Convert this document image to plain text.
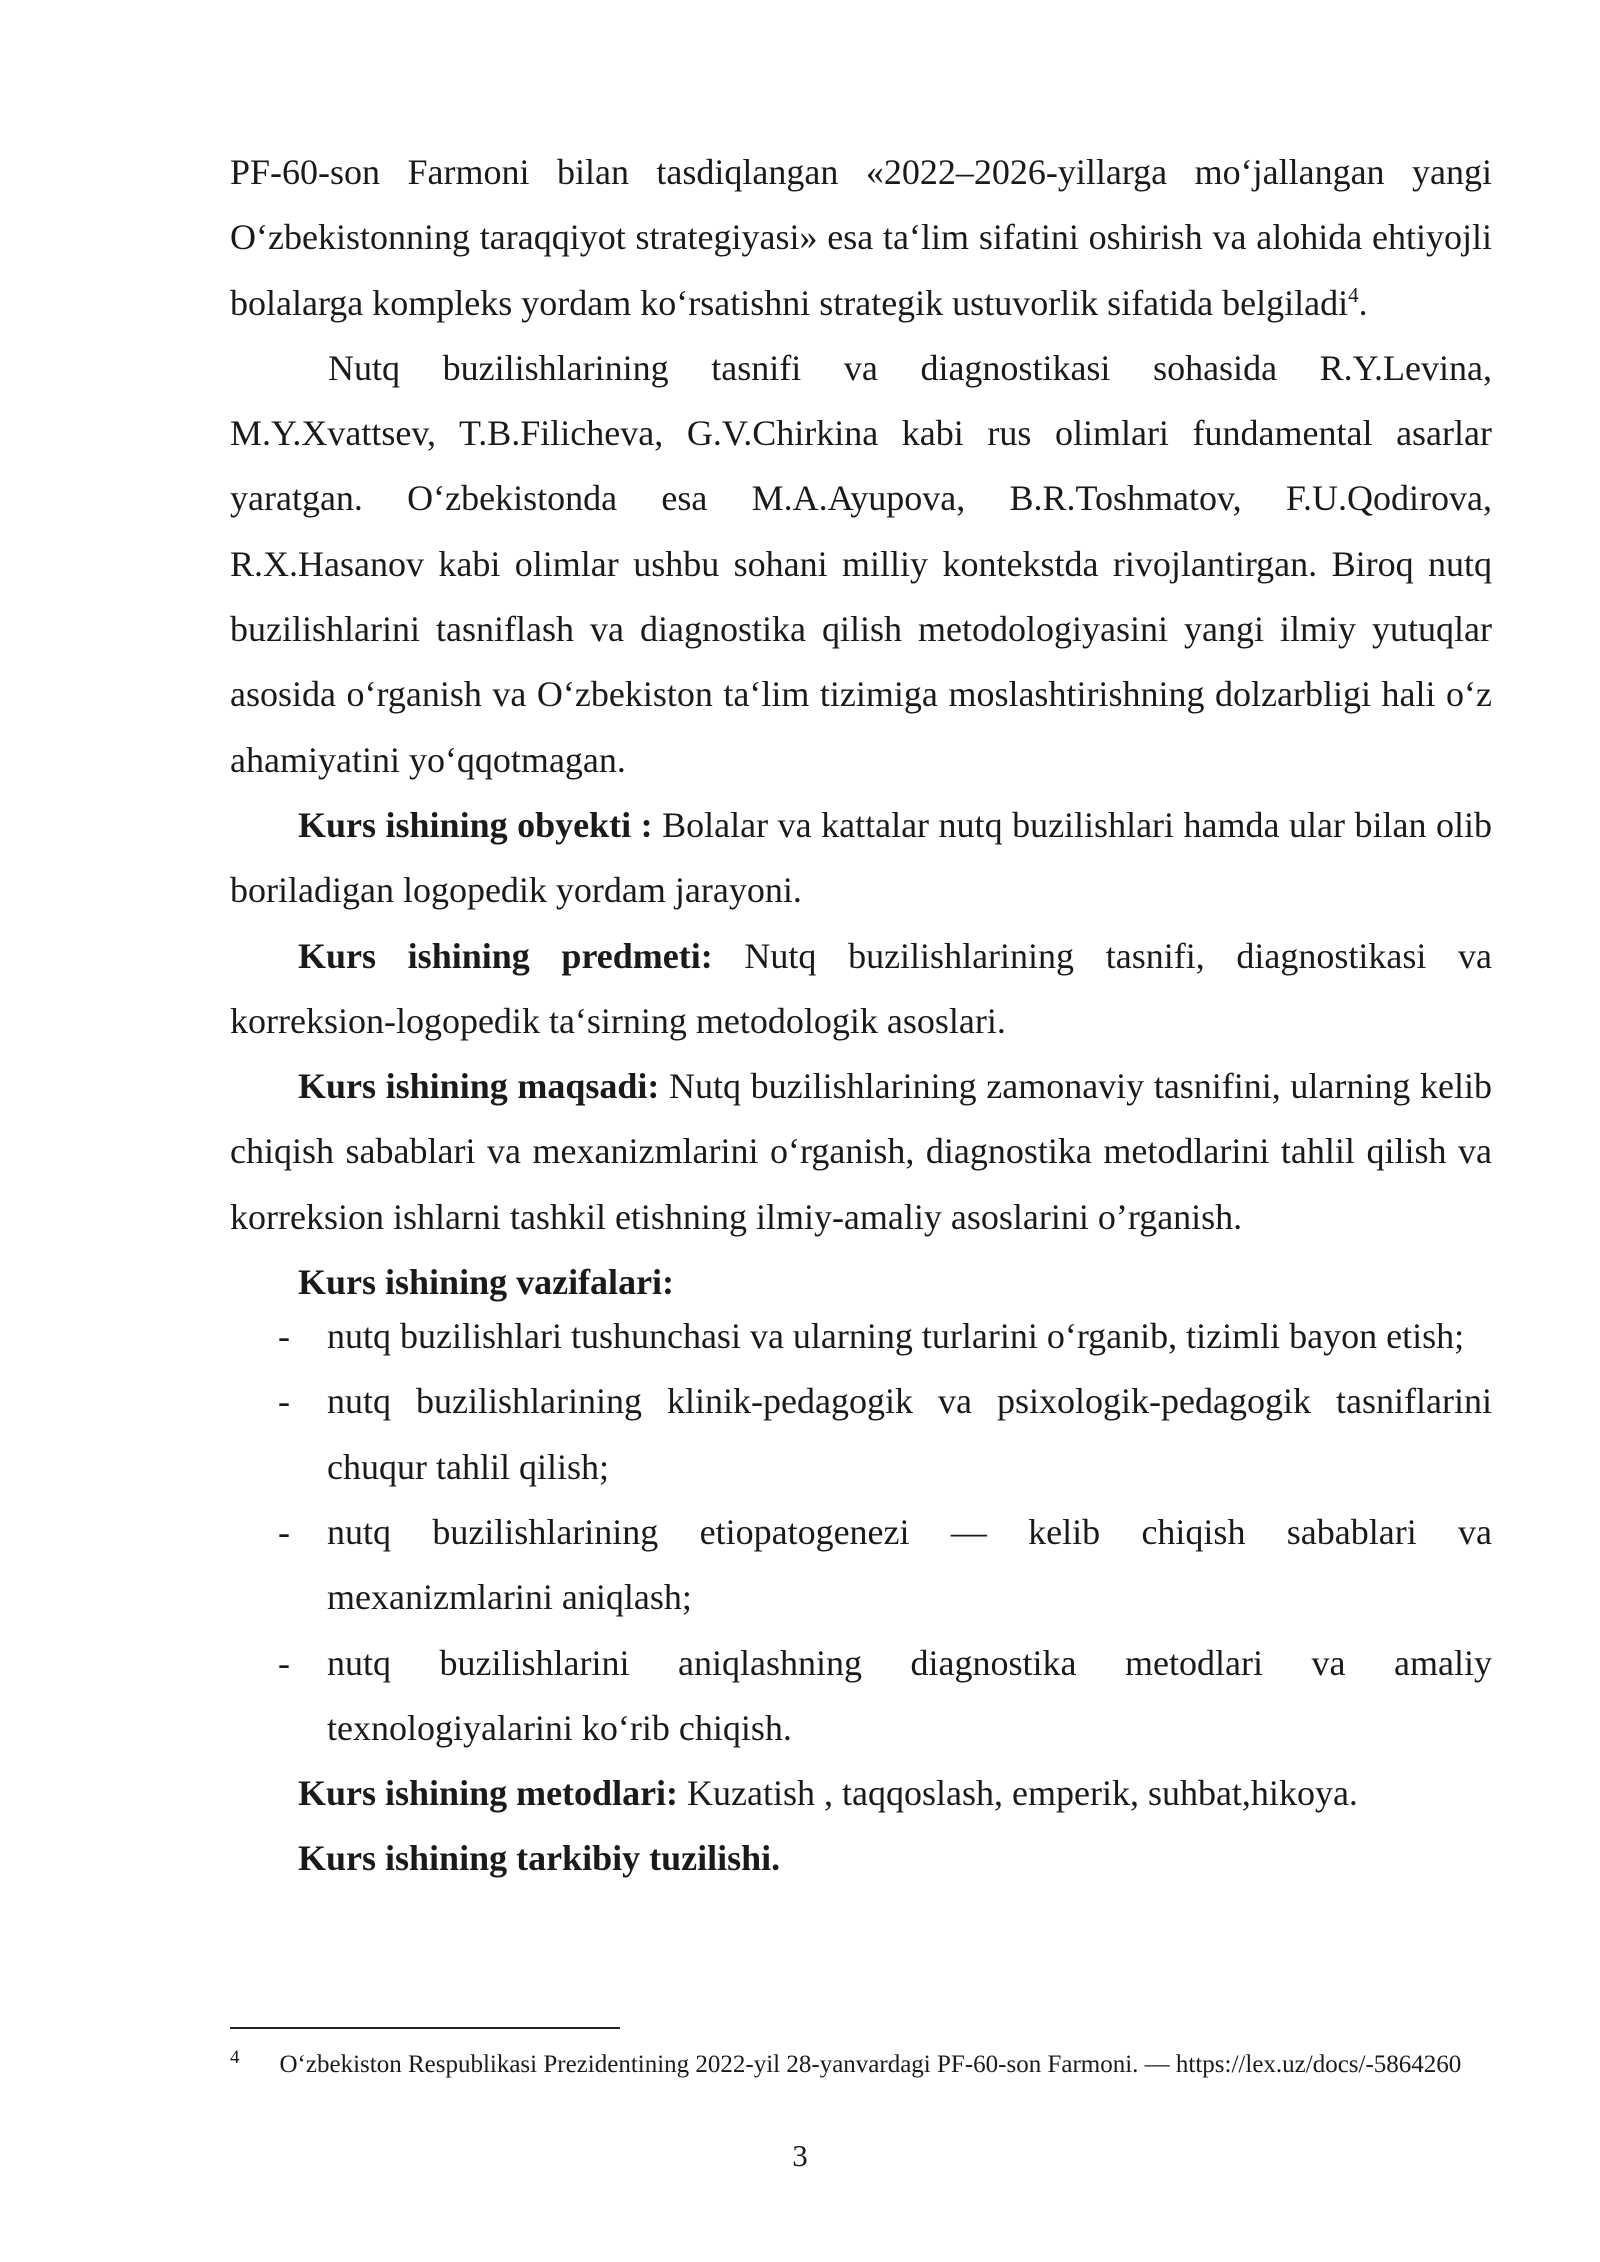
PF-60-son Farmoni bilan tasdiqlangan «2022–2026-yillarga mo‘jallangan yangi O‘zbekistonning taraqqiyot strategiyasi» esa ta‘lim sifatini oshirish va alohida ehtiyojli bolalarga kompleks yordam ko‘rsatishni strategik ustuvorlik sifatida belgiladi$^4$.

Nutq buzilishlarining tasnifi va diagnostikasi sohasida R.Y.Levina, M.Y.Xvattsev, T.B.Filicheva, G.V.Chirkina kabi rus olimlari fundamental asarlar yaratgan. O‘zbekistonda esa M.A.Ayupova, B.R.Toshmatov, F.U.Qodirova, R.X.Hasanov kabi olimlar ushbu sohani milliy kontekstda rivojlantirgan. Biroq nutq buzilishlarini tasniflash va diagnostika qilish metodologiyasini yangi ilmiy yutuqlar asosida o‘rganish va O‘zbekiston ta‘lim tizimiga moslashtirishning dolzarbligi hali o‘z ahamiyatini yo‘qqotmagan.

Kurs ishining obyekti : Bolalar va kattalar nutq buzilishlari hamda ular bilan olib boriladigan logopedik yordam jarayoni.

Kurs ishining predmeti: Nutq buzilishlarining tasnifi, diagnostikasi va korreksion-logopedik ta‘sirning metodologik asoslari.

Kurs ishining maqsadi: Nutq buzilishlarining zamonaviy tasnifini, ularning kelib chiqish sabablari va mexanizmlarini o‘rganish, diagnostika metodlarini tahlil qilish va korreksion ishlarni tashkil etishning ilmiy-amaliy asoslarini o’rganish.

Kurs ishining vazifalari:

- nutq buzilishlari tushunchasi va ularning turlarini o‘rganib, tizimli bayon etish;
- nutq buzilishlarining klinik-pedagogik va psixologik-pedagogik tasniflarini chuqur tahlil qilish;
- nutq buzilishlarining etiopatogenezi — kelib chiqish sabablari va mexanizmlarini aniqlash;
- nutq buzilishlarini aniqlashning diagnostika metodlari va amaliy texnologiyalarini ko‘rib chiqish.

Kurs ishining metodlari: Kuzatish , taqqoslash, emperik, suhbat,hikoya.

Kurs ishining tarkibiy tuzilishi.

$^4$ O‘zbekiston Respublikasi Prezidentining 2022-yil 28-yanvardagi PF-60-son Farmoni. — https://lex.uz/docs/-5864260
3
